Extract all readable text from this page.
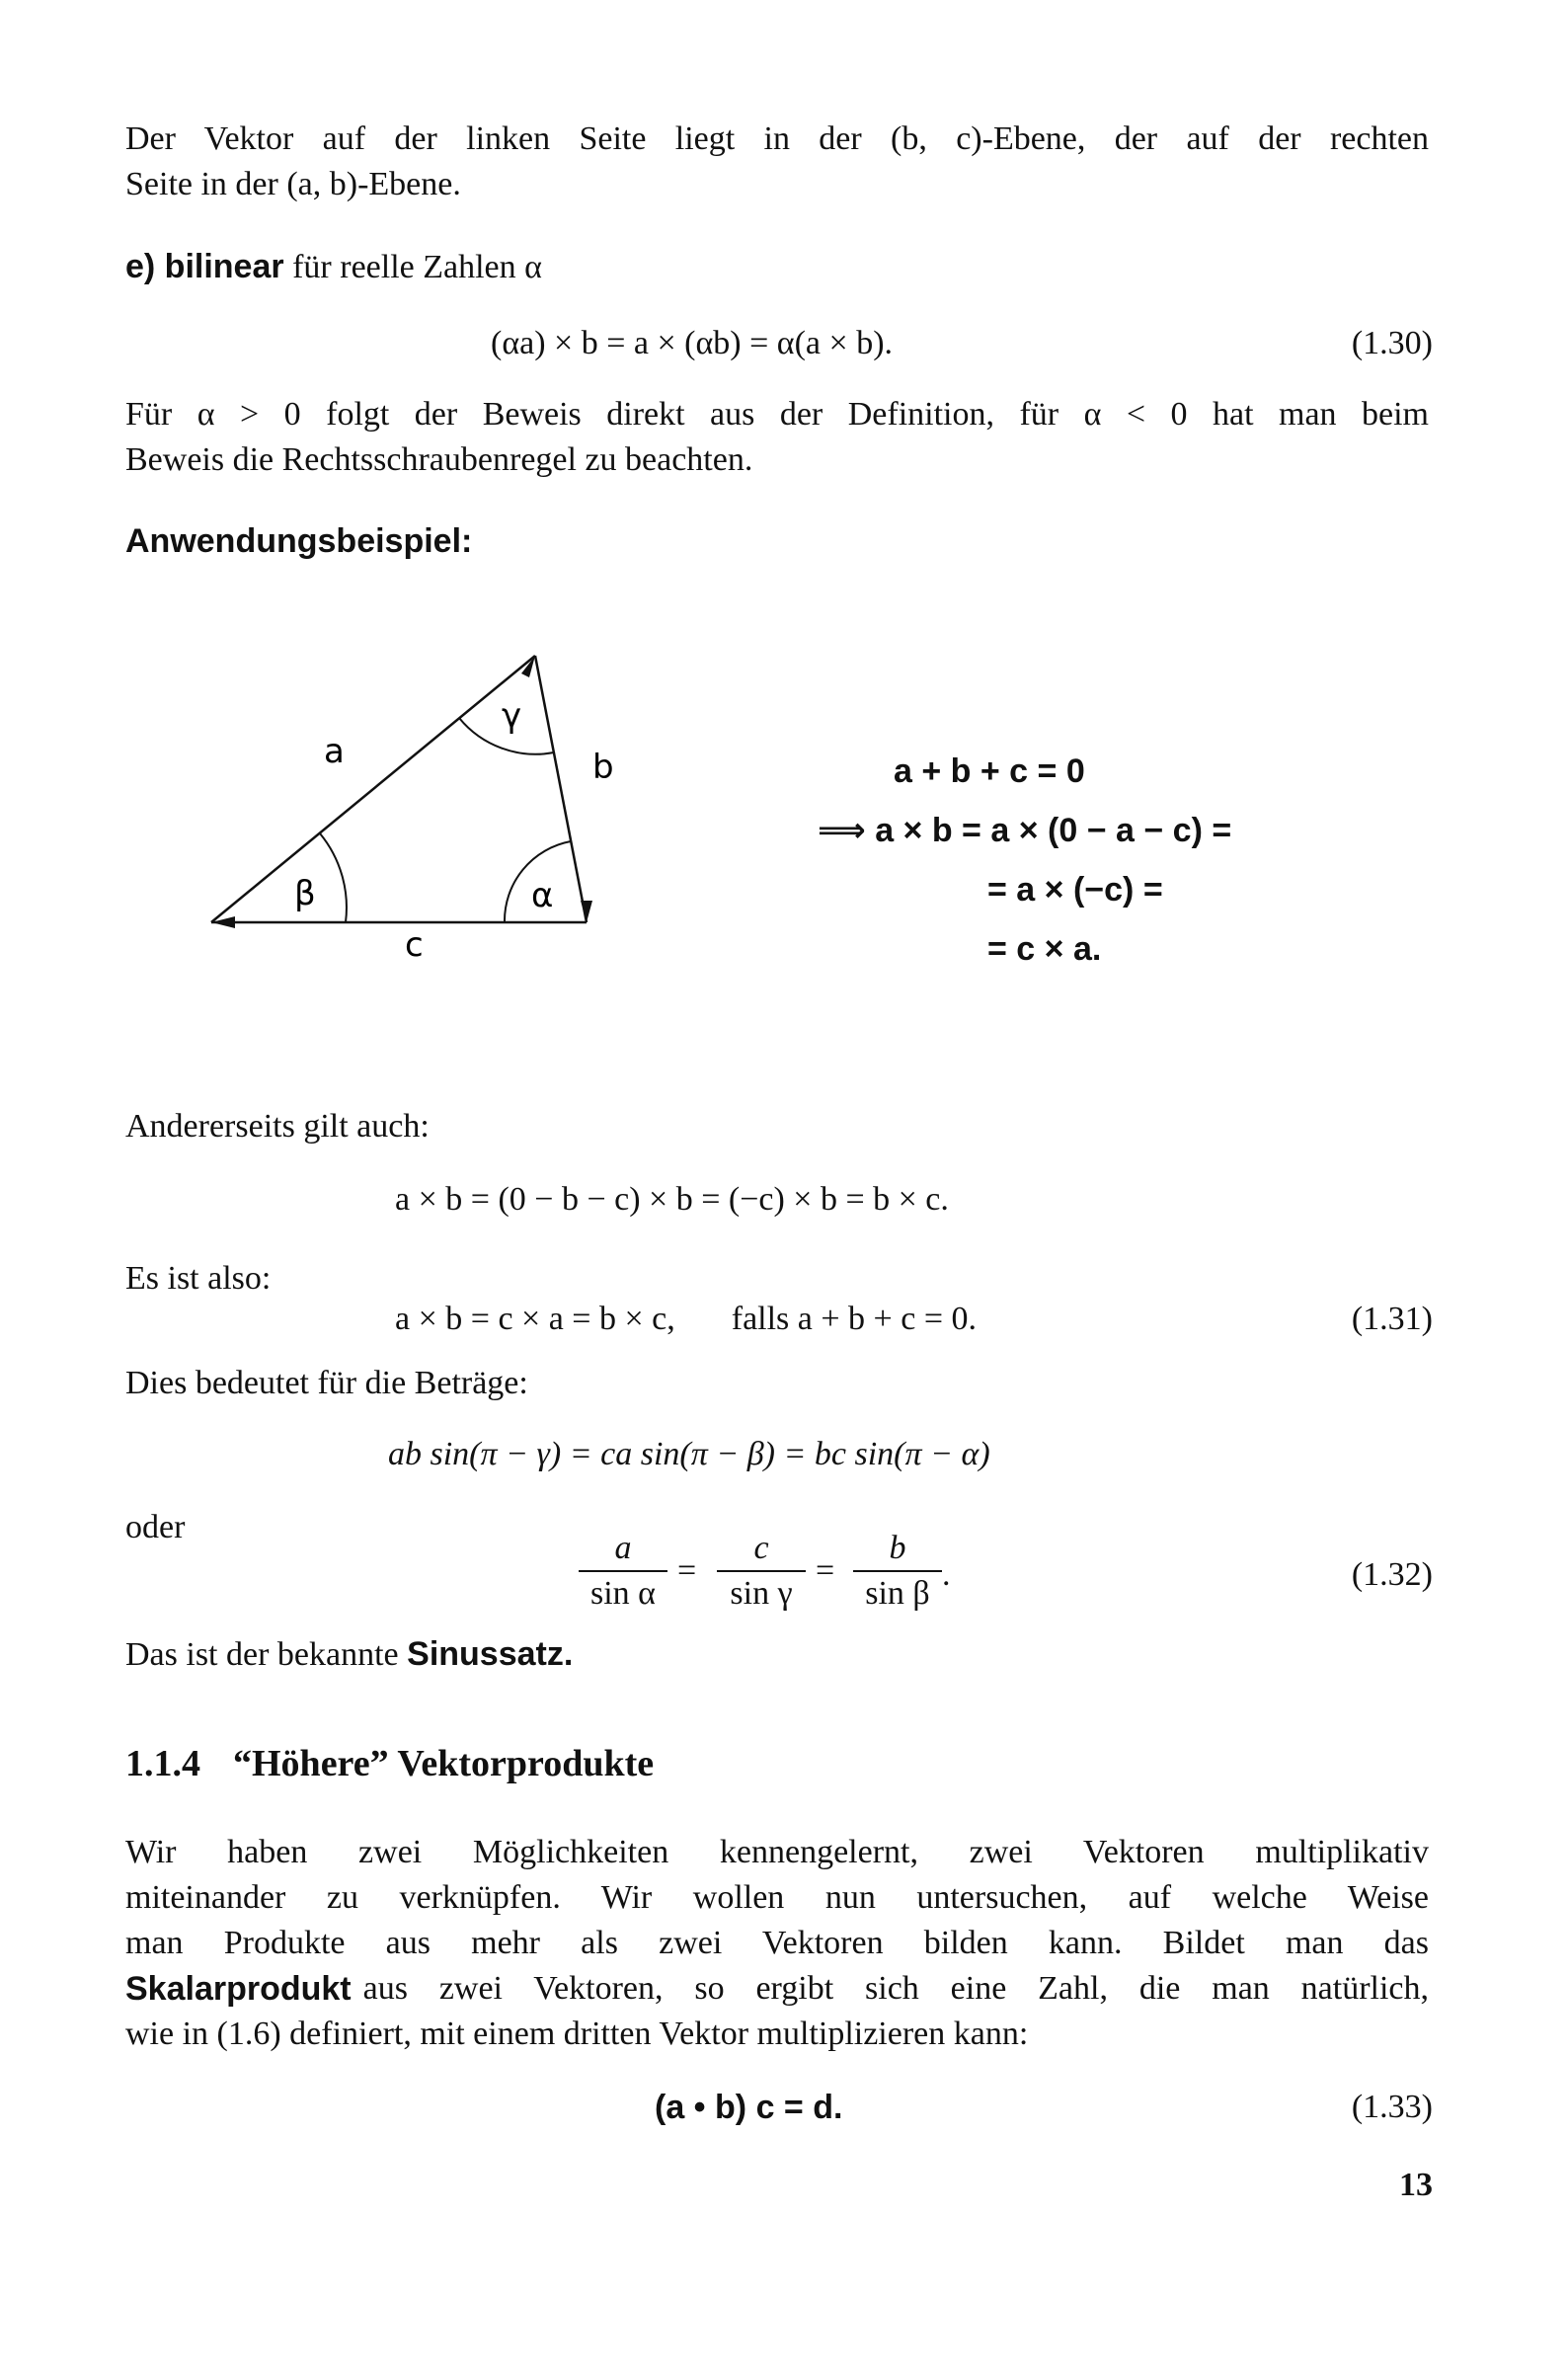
Der Vektor auf der linken Seite liegt in der (b, c)-Ebene, der auf der rechten
Seite in der (a, b)-Ebene.
e) bilinear für reelle Zahlen α
(αa) × b = a × (αb) = α(a × b).	(1.30)
Für α > 0 folgt der Beweis direkt aus der Definition, für α < 0 hat man beim
Beweis die Rechtsschraubenregel zu beachten.
Anwendungsbeispiel:
a	b
c
β	α
γ
a + b + c = 0
⟹ a × b = a × (0 − a − c) =
= a × (−c) =
= c × a.
Andererseits gilt auch:
a × b = (0 − b − c) × b = (−c) × b = b × c.
Es ist also:
a × b = c × a = b × c, falls a + b + c = 0.	(1.31)
Dies bedeutet für die Beträge:
ab sin(π − γ) = ca sin(π − β) = bc sin(π − α)
oder
a
sin α
=
c
sin γ
=
b
sin β
.	(1.32)
Das ist der bekannte Sinussatz.
1.1.4 “Höhere” Vektorprodukte
Wir haben zwei Möglichkeiten kennengelernt, zwei Vektoren multiplikativ
miteinander zu verknüpfen. Wir wollen nun untersuchen, auf welche Weise
man Produkte aus mehr als zwei Vektoren bilden kann. Bildet man das
Skalarprodukt aus zwei Vektoren, so ergibt sich eine Zahl, die man natürlich,
wie in (1.6) definiert, mit einem dritten Vektor multiplizieren kann:
(a • b) c = d.	(1.33)
13
